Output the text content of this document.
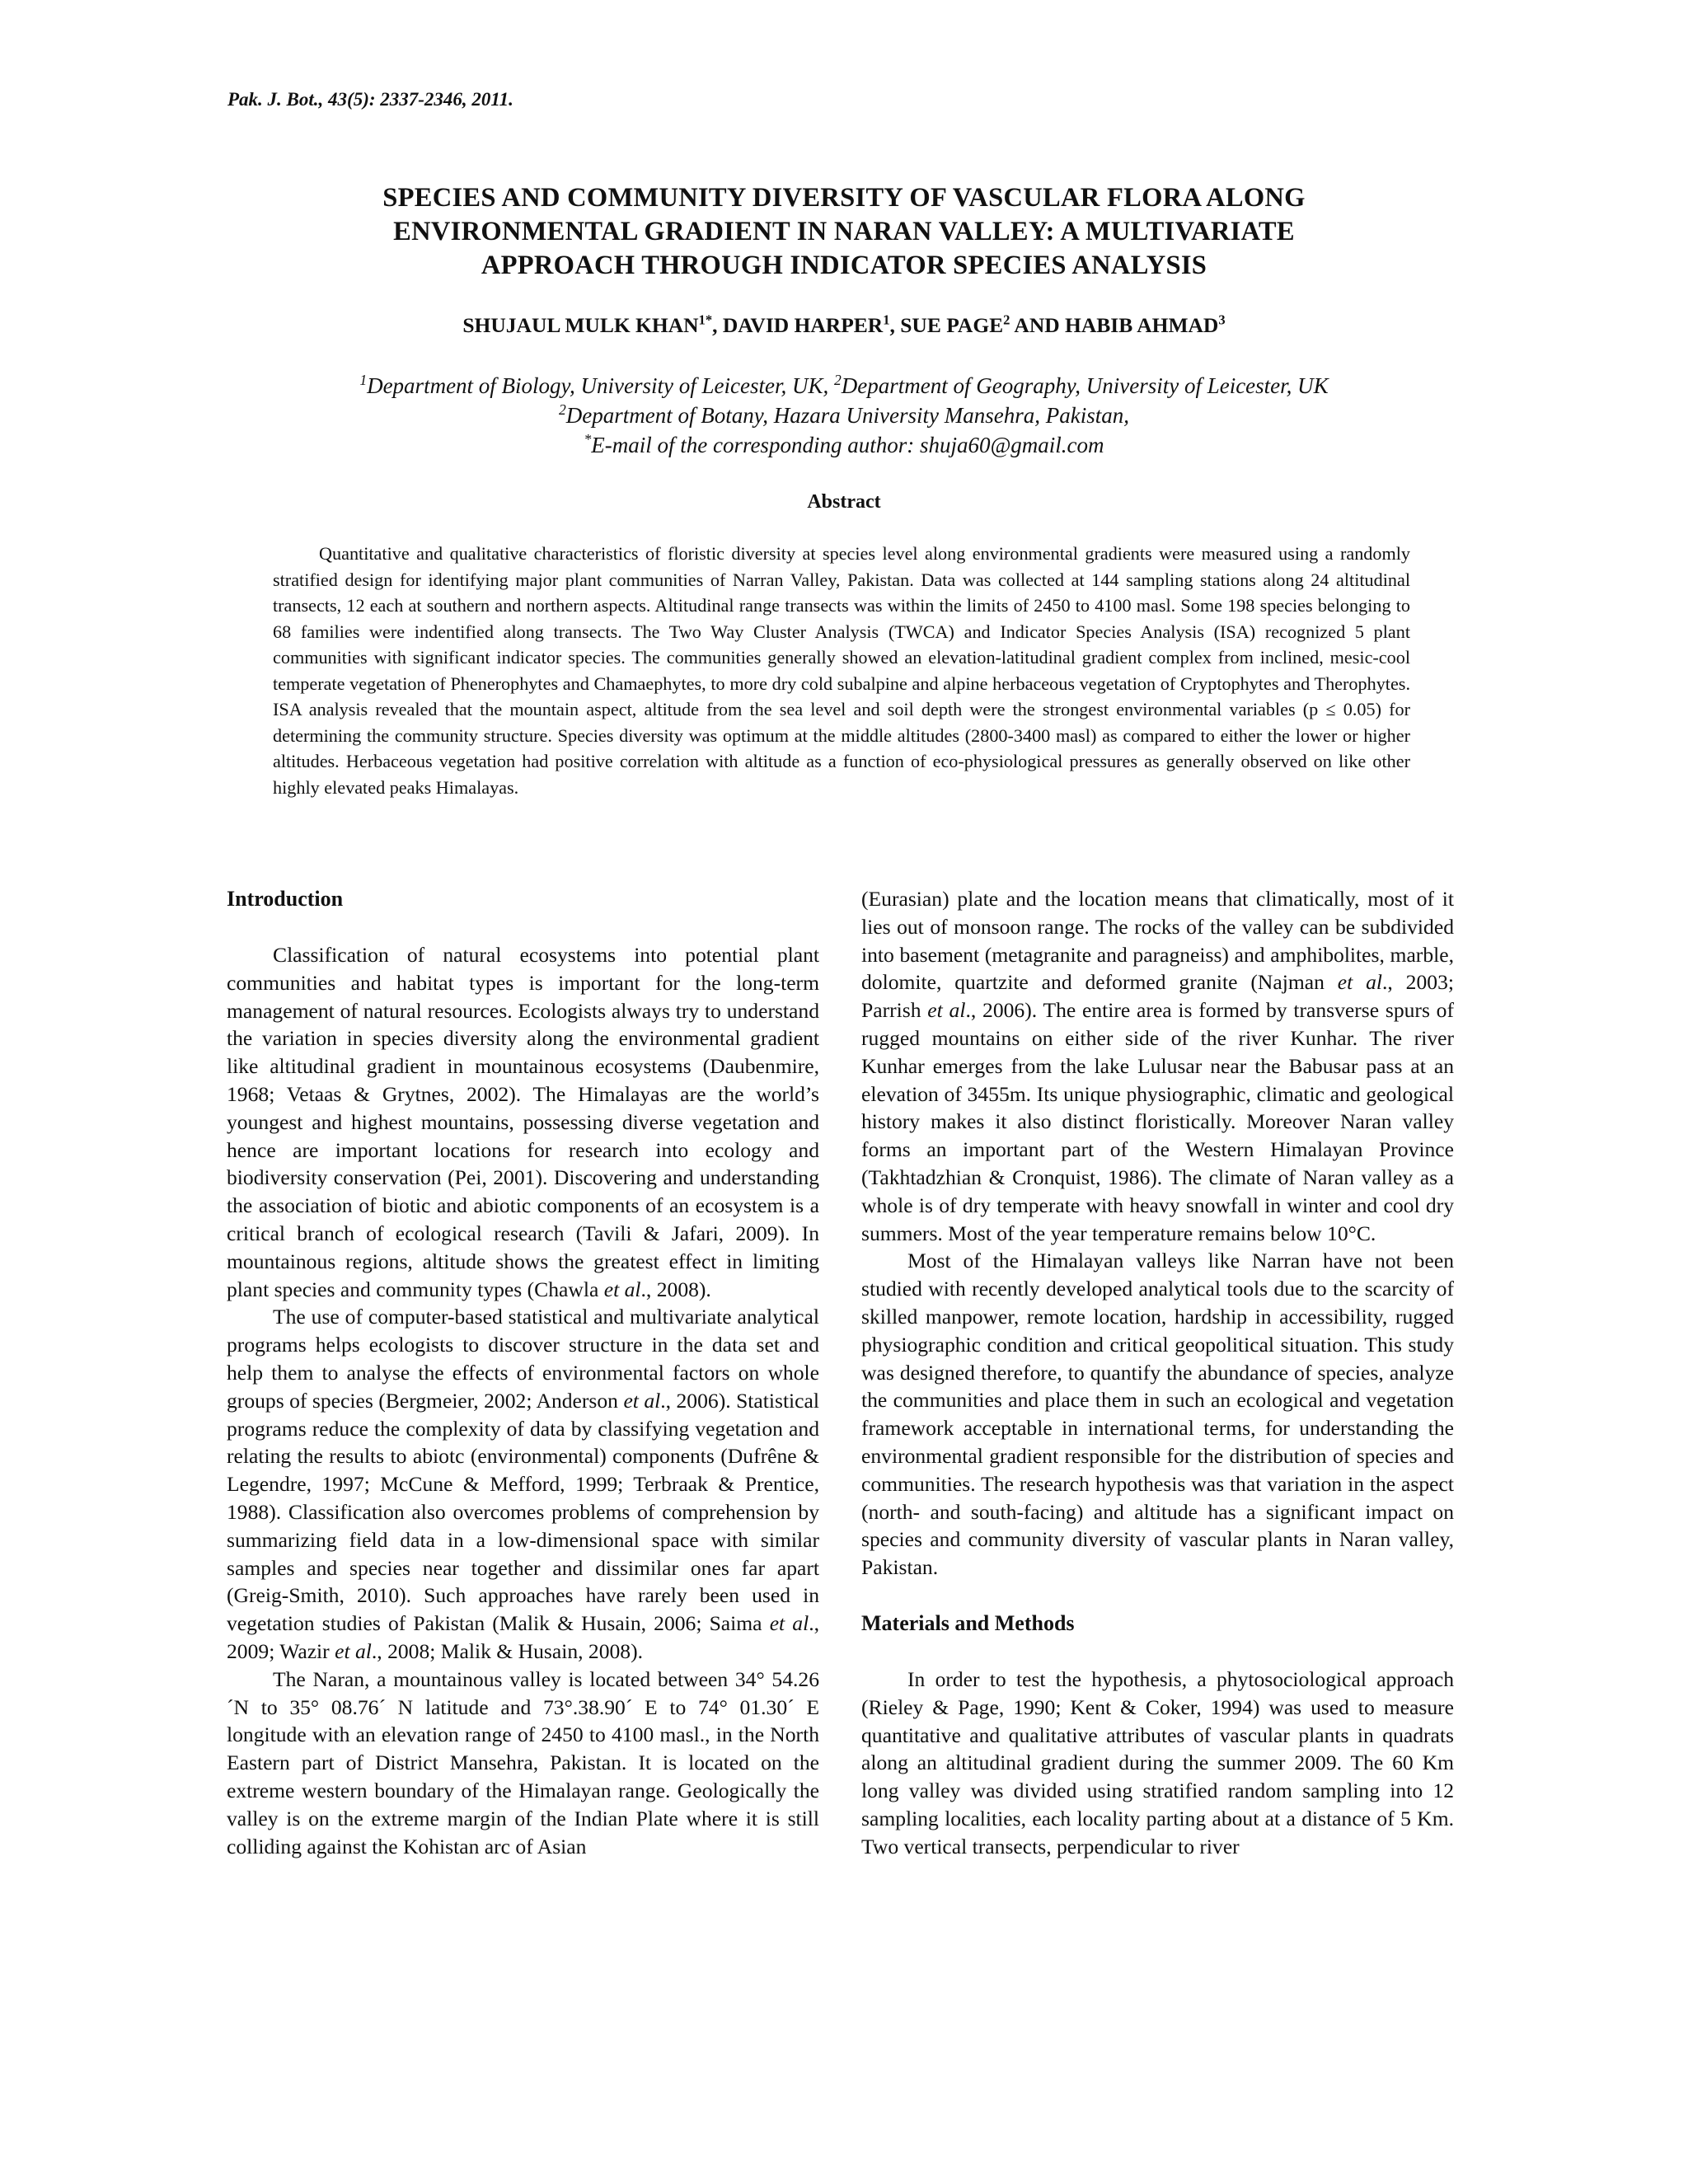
Pak. J. Bot., 43(5): 2337-2346, 2011.
SPECIES AND COMMUNITY DIVERSITY OF VASCULAR FLORA ALONG
ENVIRONMENTAL GRADIENT IN NARAN VALLEY: A MULTIVARIATE
APPROACH THROUGH INDICATOR SPECIES ANALYSIS
SHUJAUL MULK $KHAN^{1*}$, DAVID HARPER$^1$, SUE PAGE$^2$ AND HABIB AHMAD$^3$
$^1$Department of Biology, University of Leicester, UK, $^2$Department of Geography, University of Leicester, UK
$^2$Department of Botany, Hazara University Mansehra, Pakistan,
*E-mail of the corresponding author: shuja60@gmail.com
Abstract

Quantitative and qualitative characteristics of floristic diversity at species level along environmental gradients were measured using a randomly stratified design for identifying major plant communities of Narran Valley, Pakistan. Data was collected at 144 sampling stations along 24 altitudinal transects, 12 each at southern and northern aspects. Altitudinal range transects was within the limits of 2450 to 4100 masl. Some 198 species belonging to 68 families were indentified along transects. The Two Way Cluster Analysis (TWCA) and Indicator Species Analysis (ISA) recognized 5 plant communities with significant indicator species. The communities generally showed an elevation-latitudinal gradient complex from inclined, mesic-cool temperate vegetation of Phenerophytes and Chamaephytes, to more dry cold subalpine and alpine herbaceous vegetation of Cryptophytes and Therophytes. ISA analysis revealed that the mountain aspect, altitude from the sea level and soil depth were the strongest environmental variables (p ≤ 0.05) for determining the community structure. Species diversity was optimum at the middle altitudes (2800-3400 masl) as compared to either the lower or higher altitudes. Herbaceous vegetation had positive correlation with altitude as a function of eco-physiological pressures as generally observed on like other highly elevated peaks Himalayas.

Introduction

Classification of natural ecosystems into potential plant communities and habitat types is important for the long-term management of natural resources. Ecologists always try to understand the variation in species diversity along the environmental gradient like altitudinal gradient in mountainous ecosystems (Daubenmire, 1968; Vetaas & Grytnes, 2002). The Himalayas are the world’s youngest and highest mountains, possessing diverse vegetation and hence are important locations for research into ecology and biodiversity conservation (Pei, 2001). Discovering and understanding the association of biotic and abiotic components of an ecosystem is a critical branch of ecological research (Tavili & Jafari, 2009). In mountainous regions, altitude shows the greatest effect in limiting plant species and community types (Chawla et al., 2008).

The use of computer-based statistical and multivariate analytical programs helps ecologists to discover structure in the data set and help them to analyse the effects of environmental factors on whole groups of species (Bergmeier, 2002; Anderson et al., 2006). Statistical programs reduce the complexity of data by classifying vegetation and relating the results to abiotc (environmental) components (Dufrêne & Legendre, 1997; McCune & Mefford, 1999; Terbraak & Prentice, 1988). Classification also overcomes problems of comprehension by summarizing field data in a low-dimensional space with similar samples and species near together and dissimilar ones far apart (Greig-Smith, 2010). Such approaches have rarely been used in vegetation studies of Pakistan (Malik & Husain, 2006; Saima et al., 2009; Wazir et al., 2008; Malik & Husain, 2008).

The Naran, a mountainous valley is located between 34° 54.26´N to 35° 08.76´ N latitude and 73°.38.90´ E to 74° 01.30´ E longitude with an elevation range of 2450 to 4100 masl., in the North Eastern part of District Mansehra, Pakistan. It is located on the extreme western boundary of the Himalayan range. Geologically the valley is on the extreme margin of the Indian Plate where it is still colliding against the Kohistan arc of Asian

(Eurasian) plate and the location means that climatically, most of it lies out of monsoon range. The rocks of the valley can be subdivided into basement (metagranite and paragneiss) and amphibolites, marble, dolomite, quartzite and deformed granite (Najman et al., 2003; Parrish et al., 2006). The entire area is formed by transverse spurs of rugged mountains on either side of the river Kunhar. The river Kunhar emerges from the lake Lulusar near the Babusar pass at an elevation of 3455m. Its unique physiographic, climatic and geological history makes it also distinct floristically. Moreover Naran valley forms an important part of the Western Himalayan Province (Takhtadzhian & Cronquist, 1986). The climate of Naran valley as a whole is of dry temperate with heavy snowfall in winter and cool dry summers. Most of the year temperature remains below 10°C.

Most of the Himalayan valleys like Narran have not been studied with recently developed analytical tools due to the scarcity of skilled manpower, remote location, hardship in accessibility, rugged physiographic condition and critical geopolitical situation. This study was designed therefore, to quantify the abundance of species, analyze the communities and place them in such an ecological and vegetation framework acceptable in international terms, for understanding the environmental gradient responsible for the distribution of species and communities. The research hypothesis was that variation in the aspect (north- and south-facing) and altitude has a significant impact on species and community diversity of vascular plants in Naran valley, Pakistan.

Materials and Methods

In order to test the hypothesis, a phytosociological approach (Rieley & Page, 1990; Kent & Coker, 1994) was used to measure quantitative and qualitative attributes of vascular plants in quadrats along an altitudinal gradient during the summer 2009. The 60 Km long valley was divided using stratified random sampling into 12 sampling localities, each locality parting about at a distance of 5 Km. Two vertical transects, perpendicular to river
